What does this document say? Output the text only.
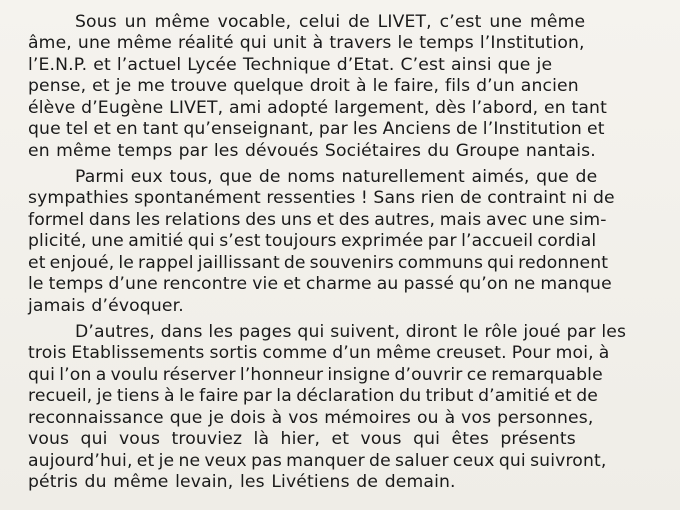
Sous un même vocable, celui de LIVET, c’est une même
âme, une même réalité qui unit à travers le temps l’Institution,
l’E.N.P. et l’actuel Lycée Technique d’Etat. C’est ainsi que je
pense, et je me trouve quelque droit à le faire, fils d’un ancien
élève d’Eugène LIVET, ami adopté largement, dès l’abord, en tant
que tel et en tant qu’enseignant, par les Anciens de l’Institution et
en même temps par les dévoués Sociétaires du Groupe nantais.
Parmi eux tous, que de noms naturellement aimés, que de
sympathies spontanément ressenties ! Sans rien de contraint ni de
formel dans les relations des uns et des autres, mais avec une sim-
plicité, une amitié qui s’est toujours exprimée par l’accueil cordial
et enjoué, le rappel jaillissant de souvenirs communs qui redonnent
le temps d’une rencontre vie et charme au passé qu’on ne manque
jamais d’évoquer.
D’autres, dans les pages qui suivent, diront le rôle joué par les
trois Etablissements sortis comme d’un même creuset. Pour moi, à
qui l’on a voulu réserver l’honneur insigne d’ouvrir ce remarquable
recueil, je tiens à le faire par la déclaration du tribut d’amitié et de
reconnaissance que je dois à vos mémoires ou à vos personnes,
vous qui vous trouviez là hier, et vous qui êtes présents
aujourd’hui, et je ne veux pas manquer de saluer ceux qui suivront,
pétris du même levain, les Livétiens de demain.
